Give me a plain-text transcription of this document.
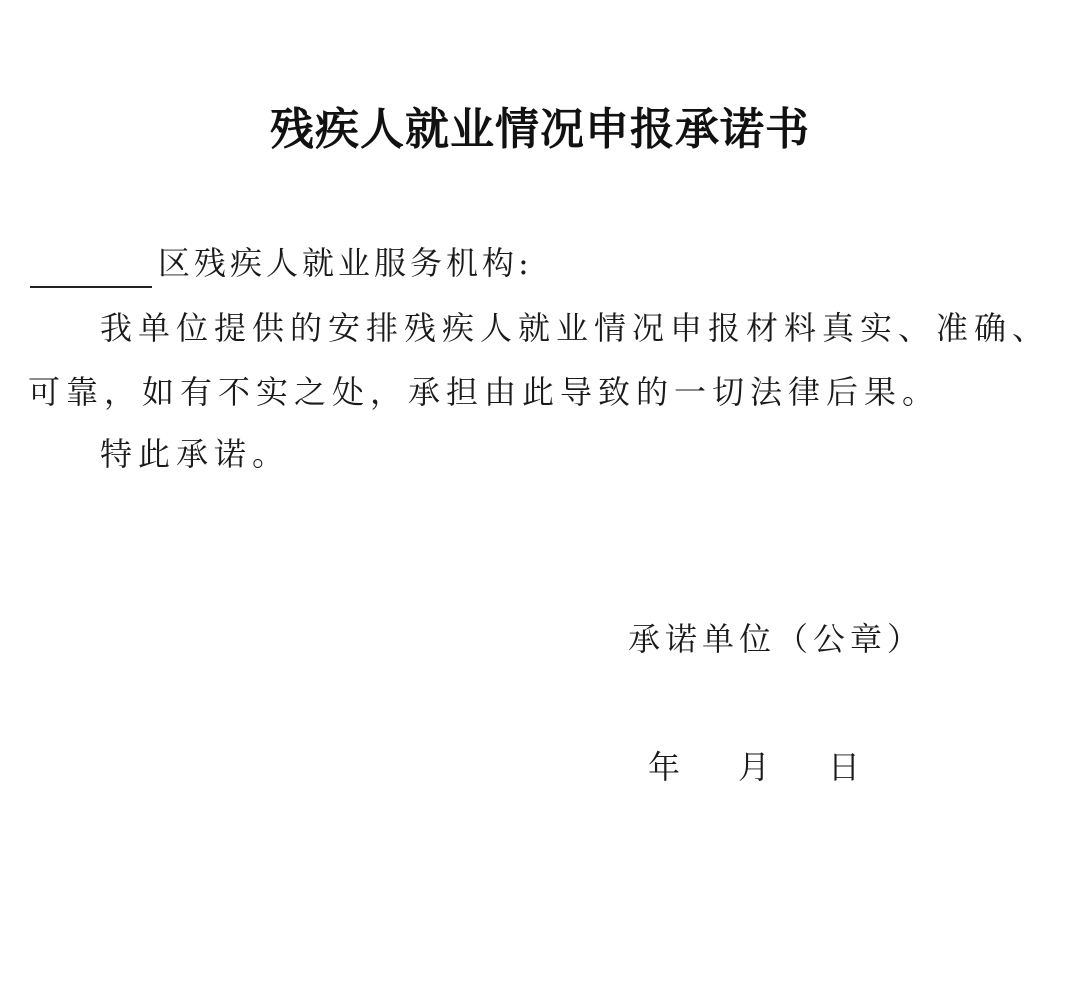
残疾人就业情况申报承诺书
区残疾人就业服务机构:
我单位提供的安排残疾人就业情况申报材料真实、准确、可靠，如有不实之处，承担由此导致的一切法律后果。
特此承诺。
承诺单位（公章）
年 月 日
